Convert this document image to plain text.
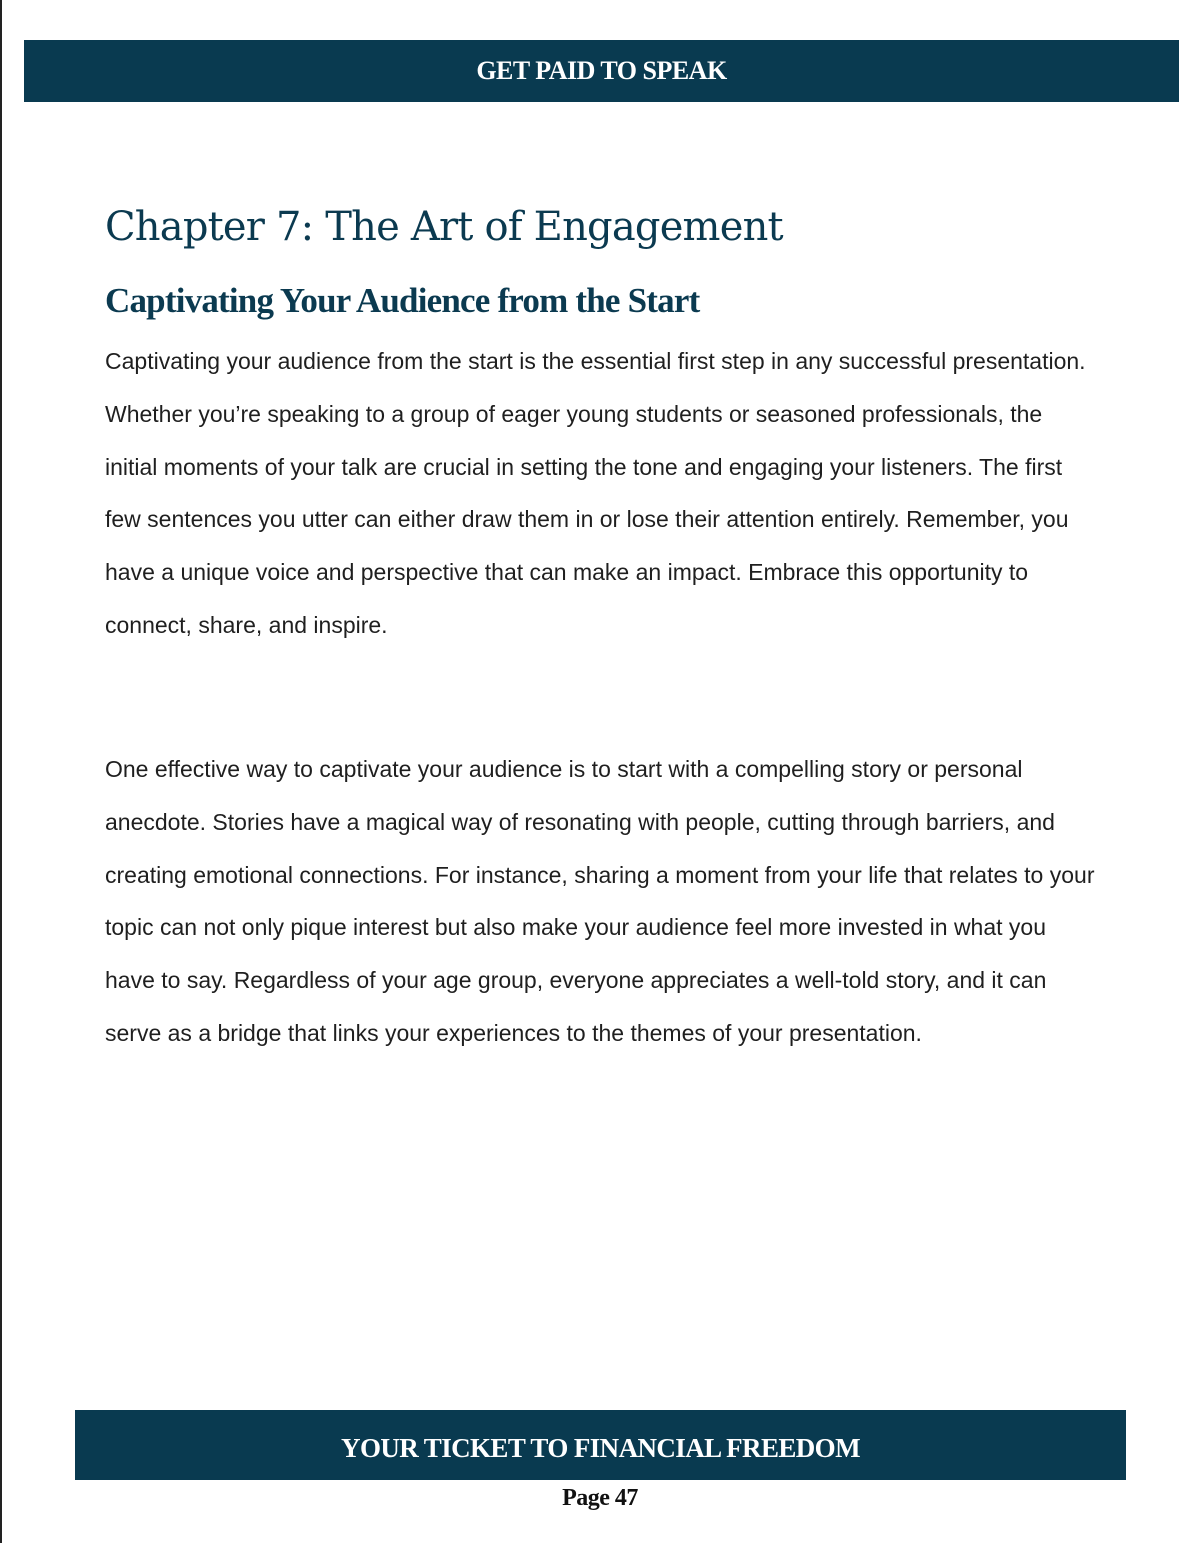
GET PAID TO SPEAK
Chapter 7: The Art of Engagement
Captivating Your Audience from the Start

Captivating your audience from the start is the essential first step in any successful presentation. Whether you’re speaking to a group of eager young students or seasoned professionals, the initial moments of your talk are crucial in setting the tone and engaging your listeners. The first few sentences you utter can either draw them in or lose their attention entirely. Remember, you have a unique voice and perspective that can make an impact. Embrace this opportunity to connect, share, and inspire.

One effective way to captivate your audience is to start with a compelling story or personal anecdote. Stories have a magical way of resonating with people, cutting through barriers, and creating emotional connections. For instance, sharing a moment from your life that relates to your topic can not only pique interest but also make your audience feel more invested in what you have to say. Regardless of your age group, everyone appreciates a well-told story, and it can serve as a bridge that links your experiences to the themes of your presentation.

YOUR TICKET TO FINANCIAL FREEDOM
Page 47
